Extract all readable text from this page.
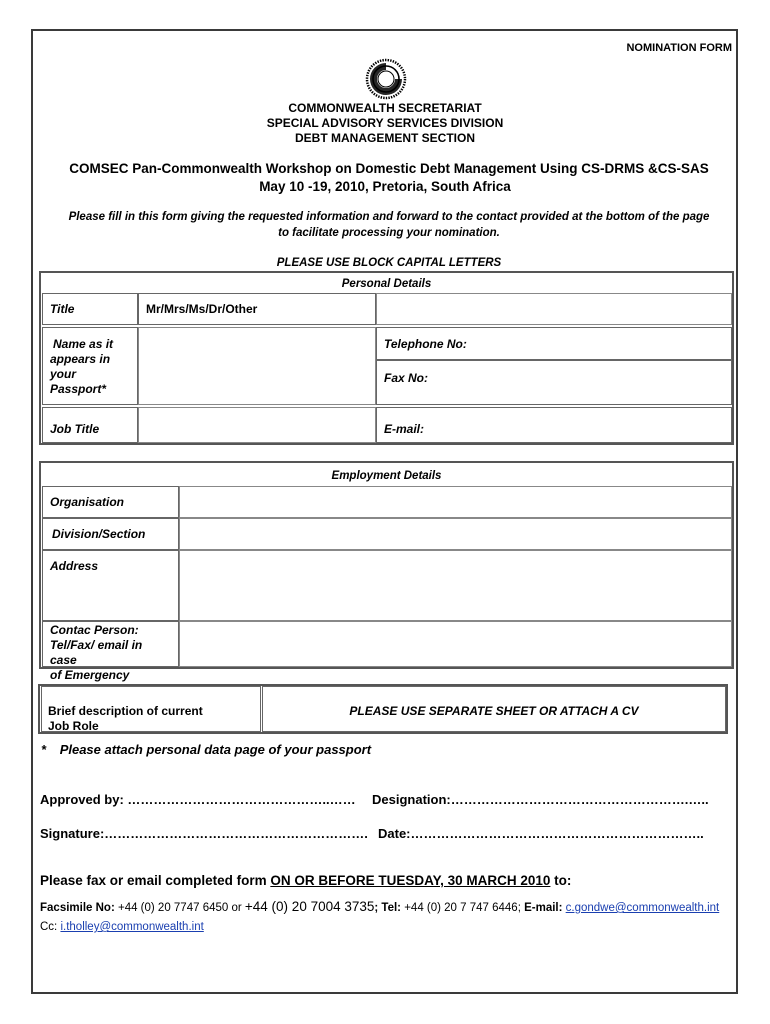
NOMINATION FORM
COMMONWEALTH SECRETARIAT
SPECIAL ADVISORY SERVICES DIVISION
DEBT MANAGEMENT SECTION
COMSEC Pan-Commonwealth Workshop on Domestic Debt Management Using CS-DRMS &CS-SAS
May 10 -19, 2010, Pretoria, South Africa
Please fill in this form giving the requested information and forward to the contact provided at the bottom of the page
to facilitate processing your nomination.
PLEASE USE BLOCK CAPITAL LETTERS
Personal Details
Title	Mr/Mrs/Ms/Dr/Other
Name as it
appears in
your
Passport*
Telephone No:
Fax No:
Job Title	E-mail:
Employment Details
Organisation
Division/Section
Address
Contac Person:
Tel/Fax/ email in case
of Emergency
Brief description of current
Job Role
PLEASE USE SEPARATE SHEET OR ATTACH A CV
* Please attach personal data page of your passport
Approved by: ………………………………………..…… Designation:……………………………………………….…..
Signature:……………………………………………………. Date:…………………………………………………………..
Please fax or email completed form ON OR BEFORE TUESDAY, 30 MARCH 2010 to:
Facsimile No: +44 (0) 20 7747 6450 or +44 (0) 20 7004 3735; Tel: +44 (0) 20 7 747 6446; E-mail: c.gondwe@commonwealth.int
Cc: i.tholley@commonwealth.int
